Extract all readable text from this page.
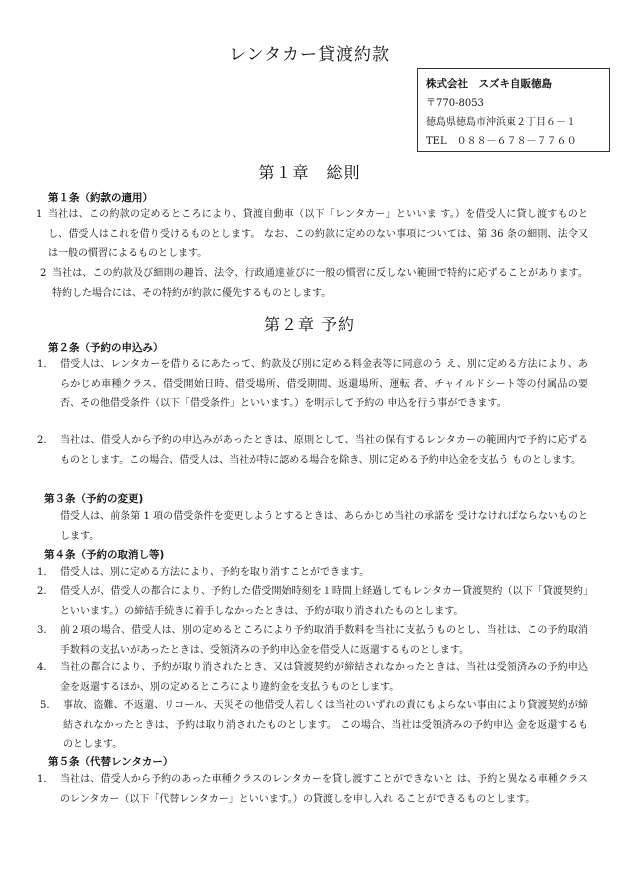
レンタカー貸渡約款
株式会社　スズキ自販徳島
〒770-8053
徳島県徳島市沖浜東２丁目６－１
TEL　０８８－６７８－７７６０
第１章　総則
第１条（約款の適用）
1 当社は、この約款の定めるところにより、貸渡自動車（以下「レンタカー」といいま す。）を借受人に貸し渡すものとし、借受人はこれを借り受けるものとします。 なお、この約款に定めのない事項については、第 36 条の細則、法令又は一般の慣習によるものとします。

2 当社は、この約款及び細則の趣旨、法令、行政通達並びに一般の慣習に反しない範囲で特約に応ずることがあります。特約した場合には、その特約が約款に優先するものとします。

第２章 予約
第２条（予約の申込み）
1. 借受人は、レンタカーを借りるにあたって、約款及び別に定める料金表等に同意のう え、別に定める方法により、あらかじめ車種クラス、借受開始日時、借受場所、借受期間、返還場所、運転 者、チャイルドシート等の付属品の要否、その他借受条件（以下「借受条件」といいます。）を明示して予約の 申込を行う事ができます。

2. 当社は、借受人から予約の申込みがあったときは、原則として、当社の保有するレンタカーの範囲内で予約に応ずるものとします。この場合、借受人は、当社が特に認める場合を除き、別に定める予約申込金を支払う ものとします。

第３条（予約の変更)

借受人は、前条第 1 項の借受条件を変更しようとするときは、あらかじめ当社の承諾を 受けなければならないものとします。

第４条（予約の取消し等)
1. 借受人は、別に定める方法により、予約を取り消すことができます。

2. 借受人が、借受人の都合により、予約した借受開始時刻を１時間上経過してもレンタカー貸渡契約（以下「貸渡契約」といいます。）の締結手続きに着手しなかったときは、予約が取り消されたものとします。

3. 前２項の場合、借受人は、別の定めるところにより予約取消手数料を当社に支払うものとし、当社は、この予約取消手数料の支払いがあったときは、受領済みの予約申込金を借受人に返還するものとします。

4. 当社の都合により、予約が取り消されたとき、又は貸渡契約が締結されなかったときは、当社は受領済みの予約申込金を返還するほか、別の定めるところにより違約金を支払うものとします。

5. 事故、盗難、不返還、リコール、天災その他借受人若しくは当社のいずれの責にもよらない事由により貸渡契約が締結されなかったときは、予約は取り消されたものとします。 この場合、当社は受領済みの予約申込 金を返還するものとします。

第５条（代替レンタカー）
1. 当社は、借受人から予約のあった車種クラスのレンタカーを貸し渡すことができないと は、予約と異なる車種クラスのレンタカー（以下「代替レンタカー」といいます。）の貸渡しを申し入れ ることができるものとします。
